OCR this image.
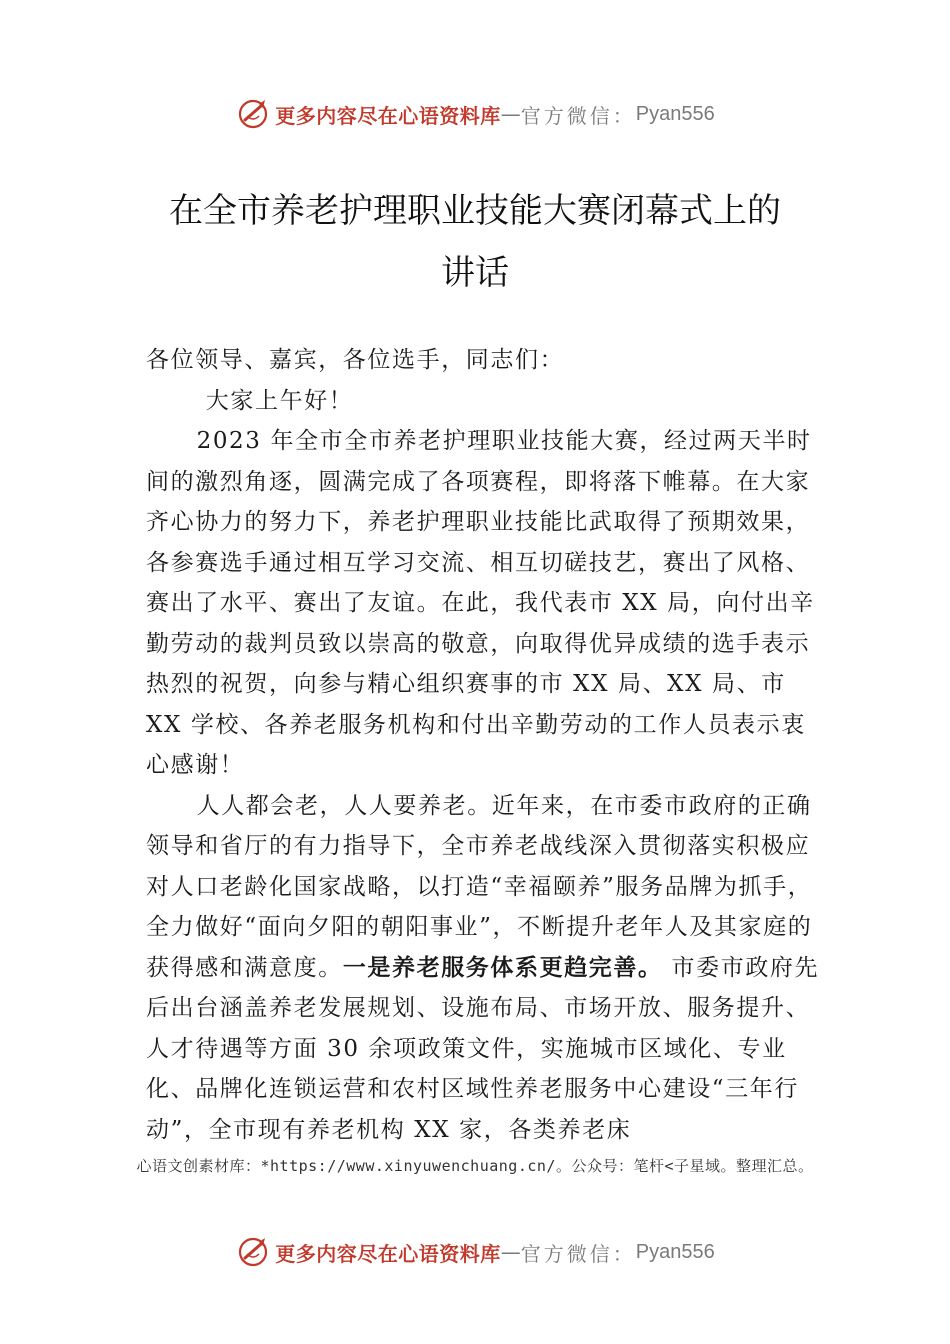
更多内容尽在心语资料库 — 官方微信： Pyan556
在全市养老护理职业技能大赛闭幕式上的
讲话

各位领导、嘉宾，各位选手，同志们：

大家上午好！

2023 年全市全市养老护理职业技能大赛，经过两天半时间的激烈角逐，圆满完成了各项赛程，即将落下帷幕。在大家齐心协力的努力下，养老护理职业技能比武取得了预期效果，各参赛选手通过相互学习交流、相互切磋技艺，赛出了风格、赛出了水平、赛出了友谊。在此，我代表市 XX 局，向付出辛勤劳动的裁判员致以崇高的敬意，向取得优异成绩的选手表示热烈的祝贺，向参与精心组织赛事的市 XX 局、XX 局、市 XX 学校、各养老服务机构和付出辛勤劳动的工作人员表示衷心感谢！

人人都会老，人人要养老。近年来，在市委市政府的正确领导和省厅的有力指导下，全市养老战线深入贯彻落实积极应对人口老龄化国家战略，以打造“幸福颐养”服务品牌为抓手，全力做好“面向夕阳的朝阳事业”，不断提升老年人及其家庭的获得感和满意度。一是养老服务体系更趋完善。 市委市政府先后出台涵盖养老发展规划、设施布局、市场开放、服务提升、人才待遇等方面 30 余项政策文件，实施城市区域化、专业化、品牌化连锁运营和农村区域性养老服务中心建设“三年行动”，全市现有养老机构 XX 家，各类养老床

心语文创素材库：*https://www.xinyuwenchuang.cn/。公众号：笔杆<子星域。整理汇总。
更多内容尽在心语资料库 — 官方微信： Pyan556
